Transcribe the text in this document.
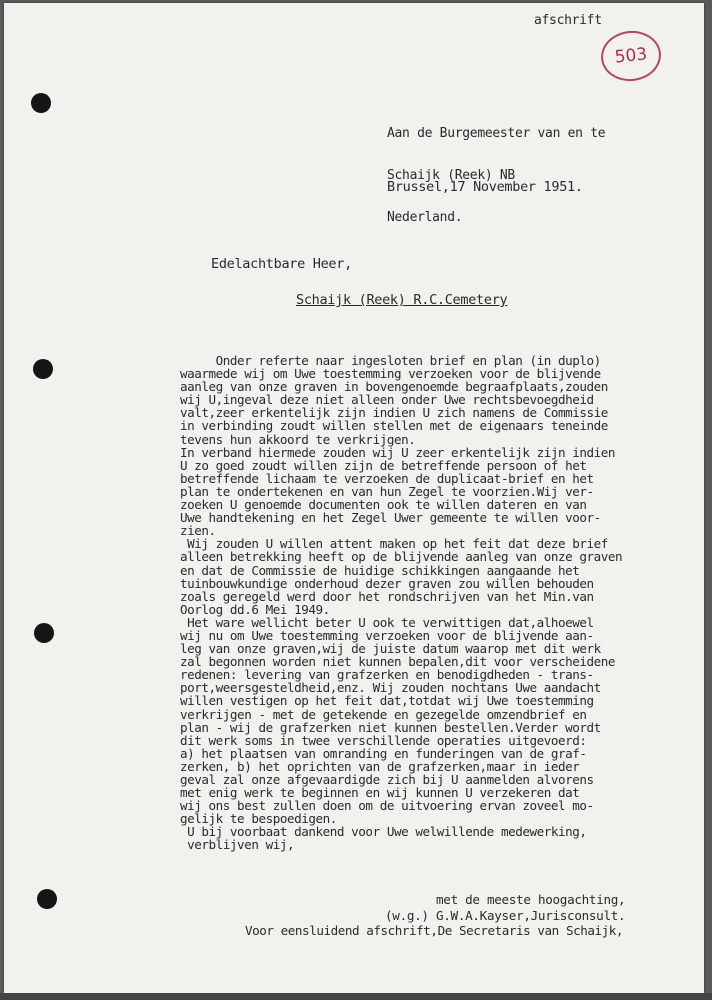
afschrift
503

Aan de Burgemeester van en te

Schaijk (Reek) NB

Nederland.

Brussel,17 November 1951.
Edelachtbare Heer,
Schaijk (Reek) R.C.Cemetery
Onder referte naar ingesloten brief en plan (in duplo)
waarmede wij om Uwe toestemming verzoeken voor de blijvende
aanleg van onze graven in bovengenoemde begraafplaats,zouden
wij U,ingeval deze niet alleen onder Uwe rechtsbevoegdheid
valt,zeer erkentelijk zijn indien U zich namens de Commissie
in verbinding zoudt willen stellen met de eigenaars teneinde
tevens hun akkoord te verkrijgen.
In verband hiermede zouden wij U zeer erkentelijk zijn indien
U zo goed zoudt willen zijn de betreffende persoon of het
betreffende lichaam te verzoeken de duplicaat-brief en het
plan te ondertekenen en van hun Zegel te voorzien.Wij ver-
zoeken U genoemde documenten ook te willen dateren en van
Uwe handtekening en het Zegel Uwer gemeente te willen voor-
zien.
Wij zouden U willen attent maken op het feit dat deze brief
alleen betrekking heeft op de blijvende aanleg van onze graven
en dat de Commissie de huidige schikkingen aangaande het
tuinbouwkundige onderhoud dezer graven zou willen behouden
zoals geregeld werd door het rondschrijven van het Min.van
Oorlog dd.6 Mei 1949.
Het ware wellicht beter U ook te verwittigen dat,alhoewel
wij nu om Uwe toestemming verzoeken voor de blijvende aan-
leg van onze graven,wij de juiste datum waarop met dit werk
zal begonnen worden niet kunnen bepalen,dit voor verscheidene
redenen: levering van grafzerken en benodigdheden - trans-
port,weersgesteldheid,enz. Wij zouden nochtans Uwe aandacht
willen vestigen op het feit dat,totdat wij Uwe toestemming
verkrijgen - met de getekende en gezegelde omzendbrief en
plan - wij de grafzerken niet kunnen bestellen.Verder wordt
dit werk soms in twee verschillende operaties uitgevoerd:
a) het plaatsen van omranding en funderingen van de graf-
zerken, b) het oprichten van de grafzerken,maar in ieder
geval zal onze afgevaardigde zich bij U aanmelden alvorens
met enig werk te beginnen en wij kunnen U verzekeren dat
wij ons best zullen doen om de uitvoering ervan zoveel mo-
gelijk te bespoedigen.
U bij voorbaat dankend voor Uwe welwillende medewerking,
verblijven wij,
met de meeste hoogachting,
(w.g.) G.W.A.Kayser,Jurisconsult.
Voor eensluidend afschrift,De Secretaris van Schaijk,
